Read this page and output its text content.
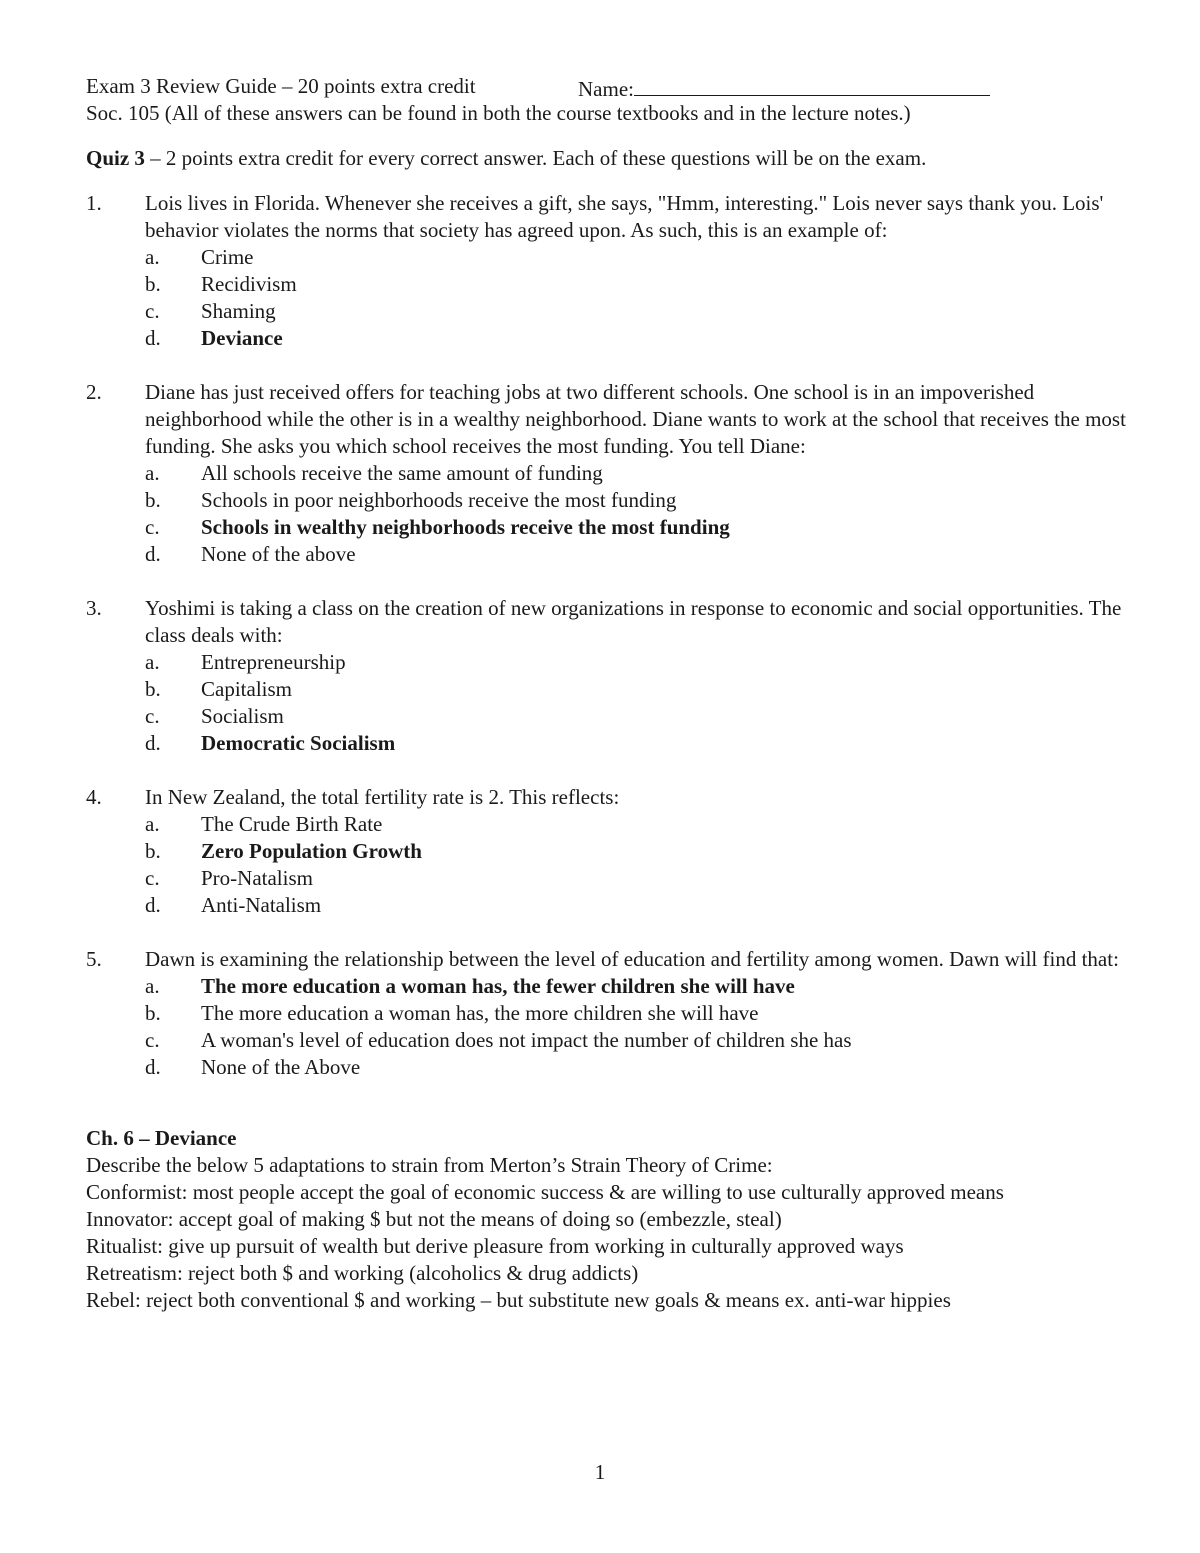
Exam 3 Review Guide – 20 points extra credit	Name:
Soc. 105 (All of these answers can be found in both the course textbooks and in the lecture notes.)
Quiz 3 – 2 points extra credit for every correct answer. Each of these questions will be on the exam.
1.	Lois lives in Florida. Whenever she receives a gift, she says, "Hmm, interesting." Lois never says thank you. Lois' behavior violates the norms that society has agreed upon. As such, this is an example of:
a.	Crime
b.	Recidivism
c.	Shaming
d.	Deviance
2.	Diane has just received offers for teaching jobs at two different schools. One school is in an impoverished neighborhood while the other is in a wealthy neighborhood. Diane wants to work at the school that receives the most funding. She asks you which school receives the most funding. You tell Diane:
a.	All schools receive the same amount of funding
b.	Schools in poor neighborhoods receive the most funding
c.	Schools in wealthy neighborhoods receive the most funding
d.	None of the above
3.	Yoshimi is taking a class on the creation of new organizations in response to economic and social opportunities. The class deals with:
a.	Entrepreneurship
b.	Capitalism
c.	Socialism
d.	Democratic Socialism
4.	In New Zealand, the total fertility rate is 2. This reflects:
a.	The Crude Birth Rate
b.	Zero Population Growth
c.	Pro-Natalism
d.	Anti-Natalism
5.	Dawn is examining the relationship between the level of education and fertility among women. Dawn will find that:
a.	The more education a woman has, the fewer children she will have
b.	The more education a woman has, the more children she will have
c.	A woman's level of education does not impact the number of children she has
d.	None of the Above
Ch. 6 – Deviance
Describe the below 5 adaptations to strain from Merton’s Strain Theory of Crime:
Conformist: most people accept the goal of economic success & are willing to use culturally approved means
Innovator: accept goal of making $ but not the means of doing so (embezzle, steal)
Ritualist: give up pursuit of wealth but derive pleasure from working in culturally approved ways
Retreatism: reject both $ and working (alcoholics & drug addicts)
Rebel: reject both conventional $ and working – but substitute new goals & means ex. anti-war hippies
1
